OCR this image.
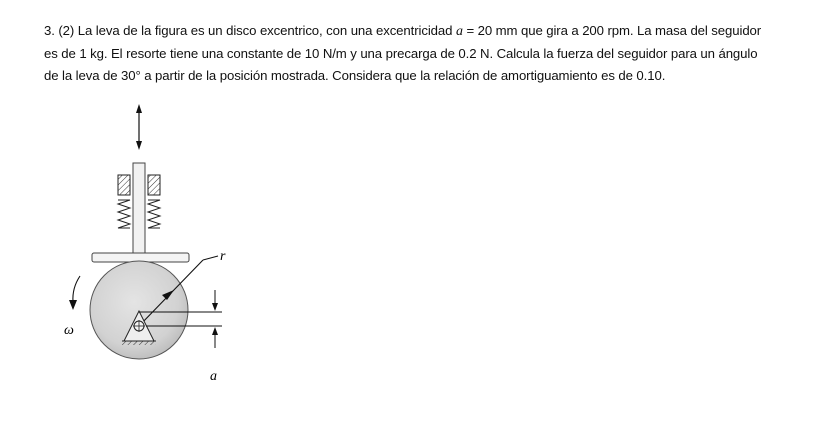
3. (2) La leva de la figura es un disco excentrico, con una excentricidad a = 20 mm que gira a 200 rpm. La masa del seguidor
es de 1 kg. El resorte tiene una constante de 10 N/m y una precarga de 0.2 N. Calcula la fuerza del seguidor para un ángulo
de la leva de 30° a partir de la posición mostrada. Considera que la relación de amortiguamiento es de 0.10.

r
a
ω
